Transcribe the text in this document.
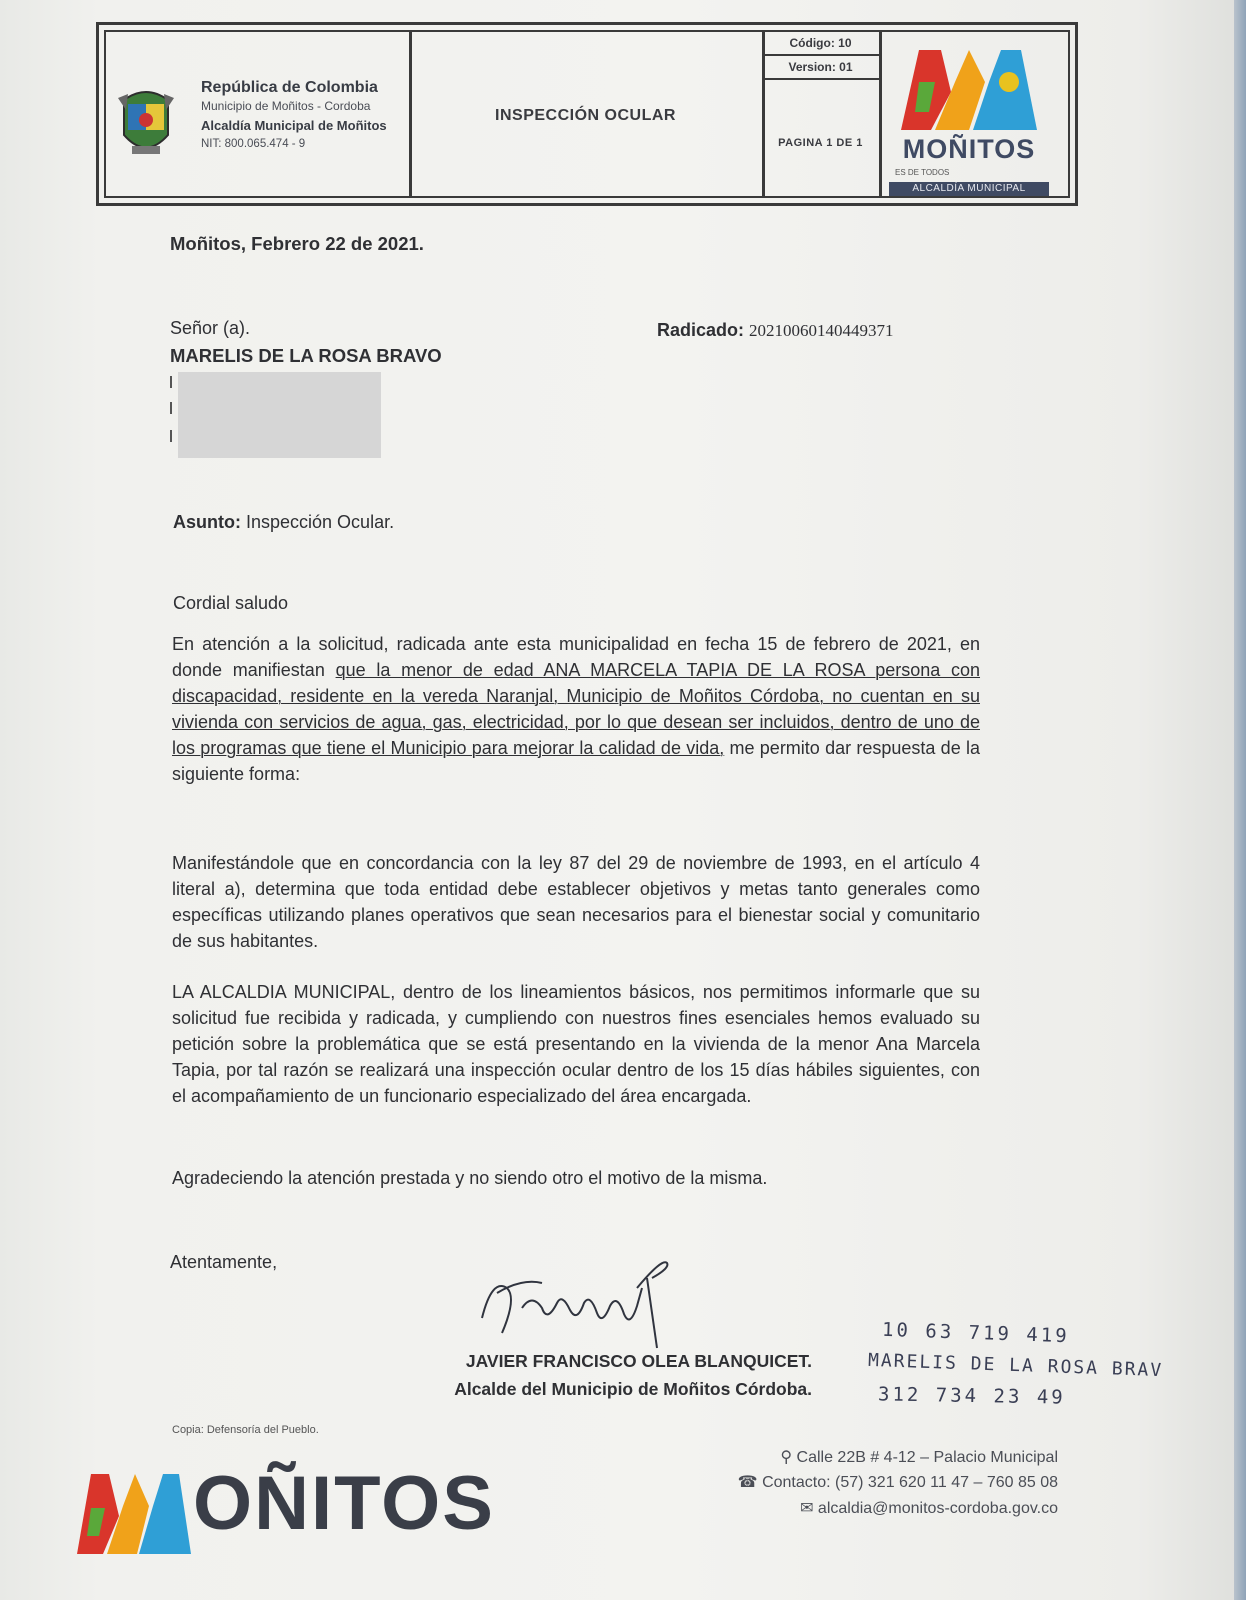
República de Colombia
Municipio de Moñitos - Cordoba
Alcaldía Municipal de Moñitos
NIT: 800.065.474 - 9
INSPECCIÓN OCULAR
Código: 10
Version: 01
PAGINA 1 DE 1	MOÑITOS
ES DE TODOS
ALCALDÍA MUNICIPAL
Moñitos, Febrero 22 de 2021.
Señor (a).	Radicado: 20210060140449371
MARELIS DE LA ROSA BRAVO
Asunto: Inspección Ocular.
Cordial saludo
En atención a la solicitud, radicada ante esta municipalidad en fecha 15 de febrero de 2021, en donde manifiestan que la menor de edad ANA MARCELA TAPIA DE LA ROSA persona con discapacidad, residente en la vereda Naranjal, Municipio de Moñitos Córdoba, no cuentan en su vivienda con servicios de agua, gas, electricidad, por lo que desean ser incluidos, dentro de uno de los programas que tiene el Municipio para mejorar la calidad de vida, me permito dar respuesta de la siguiente forma:
Manifestándole que en concordancia con la ley 87 del 29 de noviembre de 1993, en el artículo 4 literal a), determina que toda entidad debe establecer objetivos y metas tanto generales como específicas utilizando planes operativos que sean necesarios para el bienestar social y comunitario de sus habitantes.
LA ALCALDIA MUNICIPAL, dentro de los lineamientos básicos, nos permitimos informarle que su solicitud fue recibida y radicada, y cumpliendo con nuestros fines esenciales hemos evaluado su petición sobre la problemática que se está presentando en la vivienda de la menor Ana Marcela Tapia, por tal razón se realizará una inspección ocular dentro de los 15 días hábiles siguientes, con el acompañamiento de un funcionario especializado del área encargada.
Agradeciendo la atención prestada y no siendo otro el motivo de la misma.
Atentamente,
JAVIER FRANCISCO OLEA BLANQUICET.
Alcalde del Municipio de Moñitos Córdoba.
10 63 719 419
MARELIS DE LA ROSA BRAV
312 734 23 49
Copia: Defensoría del Pueblo.
OÑITOS
⚲ Calle 22B # 4-12 – Palacio Municipal
☎ Contacto: (57) 321 620 11 47 – 760 85 08
✉ alcaldia@monitos-cordoba.gov.co
